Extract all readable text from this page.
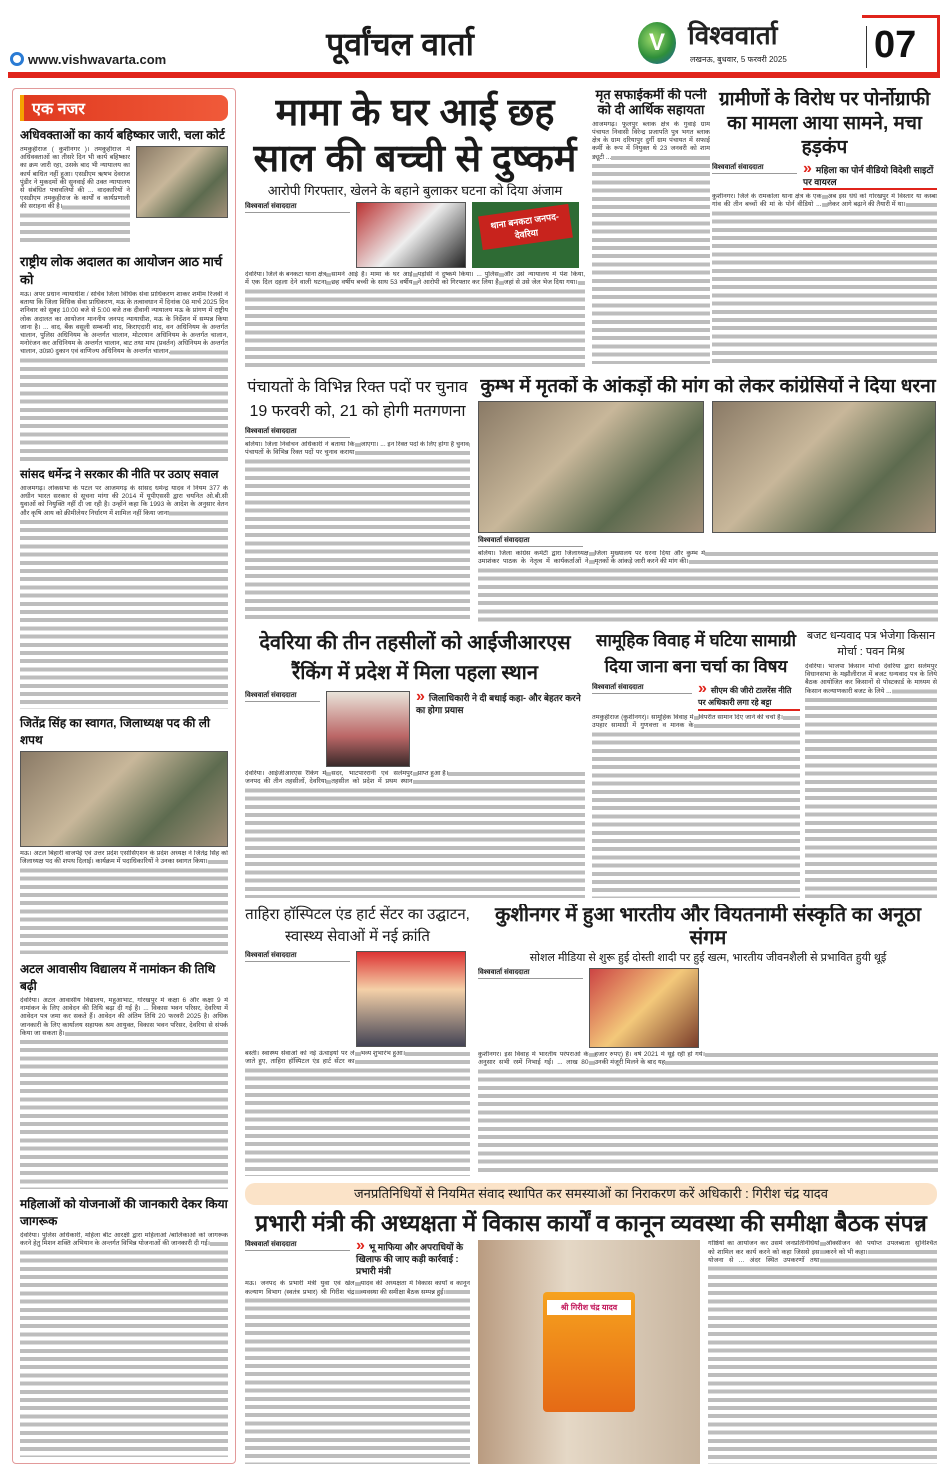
www.vishwavarta.com	पूर्वांचल वार्ता	V विश्ववार्ता
लखनऊ, बुधवार, 5 फरवरी 2025 07
एक नजर
अधिवक्ताओं का कार्य बहिष्कार जारी, चला कोर्ट
तमकुहीराज ( कुशीनगर )। तमकुहीराज में अधिवक्ताओं का तीसरे दिन भी कार्य बहिष्कार का क्रम जारी रहा, उसके बाद भी न्यायालय का कार्य बाधित नहीं हुआ। एसडीएम ऋषभ देवराज पुंडीर ने मुकदमों की सुनवाई की उक्त न्यायालय से संबंधित पत्रावलियों की ... वादकारियों ने एसडीएम तमकुहीराज के कार्यों व कार्यप्रणाली की सराहना की है।
राष्ट्रीय लोक अदालत का आयोजन आठ मार्च को
मऊ। अपर प्रधान न्यायाधीश / सचिव जिला विधिक सेवा प्राधिकरण शाकर शमीम रिजवी ने बताया कि जिला विधिक सेवा प्राधिकरण, मऊ के तत्वावधान में दिनांक 08 मार्च 2025 दिन शनिवार को सुबह 10:00 बजे से 5:00 बजे तक दीवानी न्यायालय मऊ के प्रांगण में राष्ट्रीय लोक अदालत का आयोजन माननीय जनपद न्यायाधीश, मऊ के निर्देशन में सम्पन्न किया जाना है। ... वाद, बैंक वसूली सम्बन्धी वाद, किराएदारी वाद, वन अधिनियम के अन्तर्गत चालान, पुलिस अधिनियम के अन्तर्गत चालान, मोटरयान अधिनियम के अन्तर्गत चालान, मनोरंजन कर अधिनियम के अन्तर्गत चालान, बाट तथा माप (प्रवर्तन) अधिनियम के अन्तर्गत चालान, उ0प्र0 दुकान एवं वाणिज्य अधिनियम के अन्तर्गत चालान,
सांसद धर्मेन्द्र ने सरकार की नीति पर उठाए सवाल
आजमगढ़। लोकसभा के पटल पर आजमगढ़ के सांसद धर्मेन्द्र यादव ने नियम 377 के अधीन भारत सरकार से सूचना मांगा की 2014 में यूपीएससी द्वारा चयनित ओ.बी.सी युवाओं को नियुक्ति नहीं दी जा रही है। उन्होंने कहा कि 1993 के आदेश के अनुसार वेतन और कृषि आय को क्रीमीलेयर निर्धारण में शामिल नहीं किया जाना
जितेंद्र सिंह का स्वागत, जिलाध्यक्ष पद की ली शपथ
मऊ। अटल बिहारी वाजपेई एवं उत्तर प्रदेश एसोसिएशन के प्रदेश अध्यक्ष ने जितेंद्र सिंह को जिलाध्यक्ष पद की शपथ दिलाई। कार्यक्रम में पदाधिकारियों ने उनका स्वागत किया।
अटल आवासीय विद्यालय में नामांकन की तिथि बढ़ी
देवरिया। अटल आवासीय विद्यालय, महुआभाट, गोरखपुर में कक्षा 6 और कक्षा 9 में नामांकन के लिए आवेदन की तिथि बढ़ा दी गई है। ... विकास भवन परिसर, देवरिया में आवेदन पत्र जमा कर सकते हैं। आवेदन की अंतिम तिथि 20 फरवरी 2025 है। अधिक जानकारी के लिए कार्यालय सहायक श्रम आयुक्त, विकास भवन परिसर, देवरिया से संपर्क किया जा सकता है।
महिलाओं को योजनाओं की जानकारी देकर किया जागरूक
देवरिया। पुलिस अधिकारी, महिला बीट आरक्षी द्वारा महिलाओं /बालिकाओं को जागरूक करने हेतु मिशन शक्ति अभियान के अन्तर्गत विभिन्न योजनाओं की जानकारी दी गई।
मामा के घर आई छह साल की बच्ची से दुष्कर्म
आरोपी गिरफ्तार, खेलने के बहाने बुलाकर घटना को दिया अंजाम
विश्ववार्ता संवाददाता
थाना बनकटा जनपद-देवरिया
देवरिया। जिले के बनकटा थाना क्षेत्र में एक दिल दहला देने वाली घटना सामने आई है। मामा के घर आई छह वर्षीय बच्ची के साथ 53 वर्षीय पड़ोसी ने दुष्कर्म किया। ... पुलिस ने आरोपी को गिरफ्तार कर लिया है और उसे न्यायालय में पेश किया, जहां से उसे जेल भेज दिया गया।
मृत सफाईकर्मी की पत्नी को दी आर्थिक सहायता
आजमगढ़। फूलपुर ब्लाक क्षेत्र के गुवाई ग्राम पंचायत निवासी विरेन्द्र प्रजापति पुत्र भगत ब्लाक क्षेत्र के ग्राम दरियापुर दुर्गी ग्राम पंचायत में सफाई कर्मी के रूप में नियुक्त थे 23 जनवरी को शाम ड्यूटी ...
ग्रामीणों के विरोध पर पोर्नोग्राफी का मामला आया सामने, मचा हड़कंप
विश्ववार्ता संवाददाता	» महिला का पोर्न वीडियो विदेशी साइटों पर वायरल
कुशीनगर। जिले के रामकोला थाना क्षेत्र के एक गांव की तीन बच्चों की मां के पोर्न वीडियो ... अब इस धंधे को गोरखपुर में विस्तार या कस्बा लेकर आगे बढ़ाने की तैयारी में था।
पंचायतों के विभिन्न रिक्त पदों पर चुनाव 19 फरवरी को, 21 को होगी मतगणना
विश्ववार्ता संवाददाता
बलिया। जिला निर्वाचन अधिकारी ने बताया कि पंचायतों के विभिन्न रिक्त पदों पर चुनाव कराया जाएगा। ... इन रिक्त पदों के लिए होगा है चुनाव
कुम्भ में मृतकों के आंकड़ों की मांग को लेकर कांग्रेसियों ने दिया धरना
विश्ववार्ता संवाददाता
बलिया। जिला कांग्रेस कमेटी द्वारा जिलाध्यक्ष उमाशंकर पाठक के नेतृत्व में कार्यकर्ताओं ने जिला मुख्यालय पर धरना दिया और कुम्भ में मृतकों के आंकड़े जारी करने की मांग की।
देवरिया की तीन तहसीलों को आईजीआरएस रैंकिंग में प्रदेश में मिला पहला स्थान
विश्ववार्ता संवाददाता	» जिलाधिकारी ने दी बधाई कहा- और बेहतर करने का होगा प्रयास
देवरिया। आईजीआरएस रैंकिंग में जनपद की तीन तहसीलों, देवरिया सदर, भाटपाररानी एवं सलेमपुर तहसील को प्रदेश में प्रथम स्थान प्राप्त हुआ है।
सामूहिक विवाह में घटिया सामाग्री दिया जाना बना चर्चा का विषय
विश्ववार्ता संवाददाता	» सीएम की जीरो टालरेंस नीति पर अधिकारी लगा रहे बट्टा
तमकुहीराज (कुशीनगर)। सामूहिक विवाह में उपहार सामाग्री में गुणवत्ता व मानक के विपरीत सामान दिए जाने की चर्चा है।
बजट धन्यवाद पत्र भेजेगा किसान मोर्चा : पवन मिश्र
देवरिया। भाजपा किसान मोर्चा देवरिया द्वारा सलेमपुर विधानसभा के मझौलीराज में बजट धन्यवाद पत्र के लिये बैठक आयोजित कर किसानों से पोस्टकार्ड के माध्यम से किसान कल्याणकारी बजट के लिये ...
ताहिरा हॉस्पिटल एंड हार्ट सेंटर का उद्घाटन, स्वास्थ्य सेवाओं में नई क्रांति
विश्ववार्ता संवाददाता
बस्ती। स्वास्थ्य सेवाओं को नई ऊंचाइयों पर ले जाते हुए, ताहिरा हॉस्पिटल एंड हार्ट सेंटर का भव्य शुभारंभ हुआ।
कुशीनगर में हुआ भारतीय और वियतनामी संस्कृति का अनूठा संगम
सोशल मीडिया से शुरू हुई दोस्ती शादी पर हुई खत्म, भारतीय जीवनशैली से प्रभावित हुयी थूई
विश्ववार्ता संवाददाता
कुशीनगर। इस विवाह में भारतीय परंपराओं के अनुसार सभी रस्में निभाई गईं। ... लाख 80 हजार रुपए) है। वर्ष 2021 में थूई रही हो गये। उनकी मंजूरी मिलने के बाद यह
जनप्रतिनिधियों से नियमित संवाद स्थापित कर समस्याओं का निराकरण करें अधिकारी : गिरीश चंद्र यादव
प्रभारी मंत्री की अध्यक्षता में विकास कार्यों व कानून व्यवस्था की समीक्षा बैठक संपन्न
विश्ववार्ता संवाददाता	» भू माफिया और अपराधियों के खिलाफ की जाए कड़ी कार्रवाई : प्रभारी मंत्री
मऊ। जनपद के प्रभारी मंत्री युवा एवं खेल कल्याण विभाग (स्वतंत्र प्रभार) श्री गिरीश चंद्र यादव की अध्यक्षता में विकास कार्यों व कानून व्यवस्था की समीक्षा बैठक सम्पन्न हुई।
श्री गिरीश चंद्र यादव
गोष्ठियों का आयोजन कर उसमें जनप्रतिनिधियों को शामिल कर कार्य करने को कहा जिससे इस योजना से ... अंदर स्थित उपकरणों तथा ऑक्सीजन की पर्याप्त उपलब्धता सुनिश्चित करने को भी कहा।
